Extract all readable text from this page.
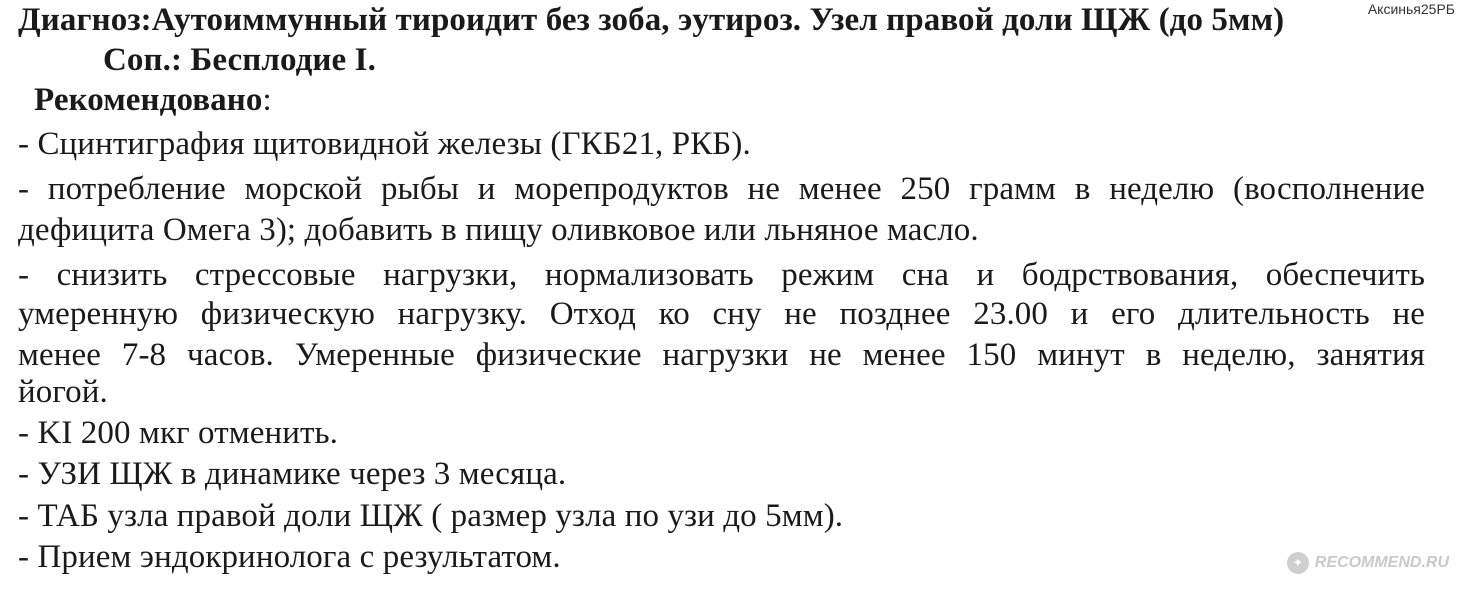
Диагноз:Аутоиммунный тироидит без зоба, эутироз. Узел правой доли ЩЖ (до 5мм)
Соп.: Бесплодие I.
Рекомендовано:
- Сцинтиграфия щитовидной железы (ГКБ21, РКБ).
- потребление морской рыбы и морепродуктов не менее 250 грамм в неделю (восполнение
дефицита Омега 3); добавить в пищу оливковое или льняное масло.
- снизить стрессовые нагрузки, нормализовать режим сна и бодрствования, обеспечить
умеренную физическую нагрузку. Отход ко сну не позднее 23.00 и его длительность не
менее 7-8 часов. Умеренные физические нагрузки не менее 150 минут в неделю, занятия
йогой.
- KI 200 мкг отменить.
- УЗИ ЩЖ в динамике через 3 месяца.
- ТАБ узла правой доли ЩЖ ( размер узла по узи до 5мм).
- Прием эндокринолога с результатом.
Аксинья25РБ
✦ RECOMMEND.RU
